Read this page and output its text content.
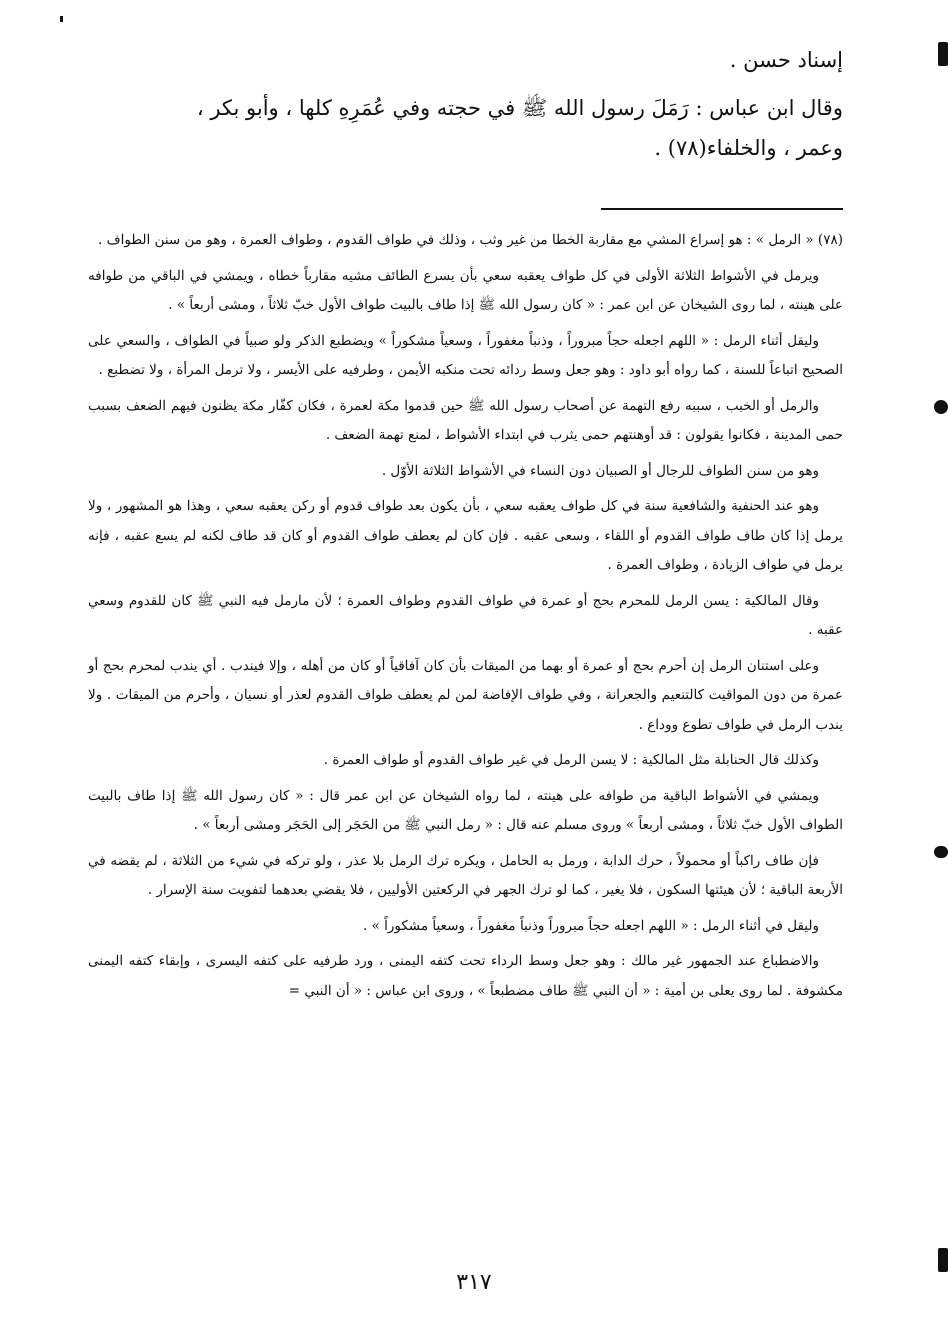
إسناد حسن .
وقال ابن عباس : رَمَلَ رسول الله ﷺ في حجته وفي عُمَرِهِ كلها ، وأبو بكر ،
وعمر ، والخلفاء(٧٨) .

(٧٨) « الرمل » : هو إسراع المشي مع مقاربة الخطا من غير وثب ، وذلك في طواف القدوم ، وطواف العمرة ، وهو من سنن الطواف .

ويرمل في الأشواط الثلاثة الأولى في كل طواف يعقبه سعي بأن يسرع الطائف مشيه مقارباً خطاه ، ويمشي في الباقي من طوافه على هينته ، لما روى الشيخان عن ابن عمر : « كان رسول الله ﷺ إذا طاف بالبيت طواف الأول خبّ ثلاثاً ، ومشى أربعاً » .

وليقل أثناء الرمل : « اللهم اجعله حجاً مبروراً ، وذنباً مغفوراً ، وسعياً مشكوراً » ويضطبع الذكر ولو صبياً في الطواف ، والسعي على الصحيح اتباعاً للسنة ، كما رواه أبو داود : وهو جعل وسط ردائه تحت منكبه الأيمن ، وطرفيه على الأيسر ، ولا ترمل المرأة ، ولا تضطبع .

والرمل أو الخبب ، سببه رفع التهمة عن أصحاب رسول الله ﷺ حين قدموا مكة لعمرة ، فكان كفّار مكة يظنون فيهم الضعف بسبب حمى المدينة ، فكانوا يقولون : قد أوهنتهم حمى يثرب في ابتداء الأشواط ، لمنع تهمة الضعف .

وهو من سنن الطواف للرجال أو الصبيان دون النساء في الأشواط الثلاثة الأوّل .

وهو عند الحنفية والشافعية سنة في كل طواف يعقبه سعي ، بأن يكون بعد طواف قدوم أو ركن يعقبه سعي ، وهذا هو المشهور ، ولا يرمل إذا كان طاف طواف القدوم أو اللقاء ، وسعى عقبه . فإن كان لم يعطف طواف القدوم أو كان قد طاف لكنه لم يسع عقبه ، فإنه يرمل في طواف الزيادة ، وطواف العمرة .

وقال المالكية : يسن الرمل للمحرم بحج أو عمرة في طواف القدوم وطواف العمرة ؛ لأن مارمل فيه النبي ﷺ كان للقدوم وسعي عقبه .

وعلى استنان الرمل إن أحرم بحج أو عمرة أو بهما من الميقات بأن كان آفاقياً أو كان من أهله ، وإلا فيندب . أي يندب لمحرم بحج أو عمرة من دون المواقيت كالتنعيم والجعرانة ، وفي طواف الإفاضة لمن لم يعطف طواف القدوم لعذر أو نسيان ، وأحرم من الميقات . ولا يندب الرمل في طواف تطوع ووداع .

وكذلك قال الحنابلة مثل المالكية : لا يسن الرمل في غير طواف القدوم أو طواف العمرة .

ويمشي في الأشواط الباقية من طوافه على هينته ، لما رواه الشيخان عن ابن عمر قال : « كان رسول الله ﷺ إذا طاف بالبيت الطواف الأول خبّ ثلاثاً ، ومشى أربعاً » وروى مسلم عنه قال : « رمل النبي ﷺ من الحَجَر إلى الحَجَر ومشى أربعاً » .

فإن طاف راكباً أو محمولاً ، حرك الدابة ، ورمل به الحامل ، ويكره ترك الرمل بلا عذر ، ولو تركه في شيء من الثلاثة ، لم يقضه في الأربعة الباقية ؛ لأن هيئتها السكون ، فلا يغير ، كما لو ترك الجهر في الركعتين الأوليين ، فلا يقضي بعدهما لتفويت سنة الإسرار .

وليقل في أثناء الرمل : « اللهم اجعله حجاً مبروراً وذنباً مغفوراً ، وسعياً مشكوراً » .

والاضطباع عند الجمهور غير مالك : وهو جعل وسط الرداء تحت كتفه اليمنى ، ورد طرفيه على كتفه اليسرى ، وإبقاء كتفه اليمنى مكشوفة . لما روى يعلى بن أمية : « أن النبي ﷺ طاف مضطبعاً » ، وروى ابن عباس : « أن النبي =

٣١٧
